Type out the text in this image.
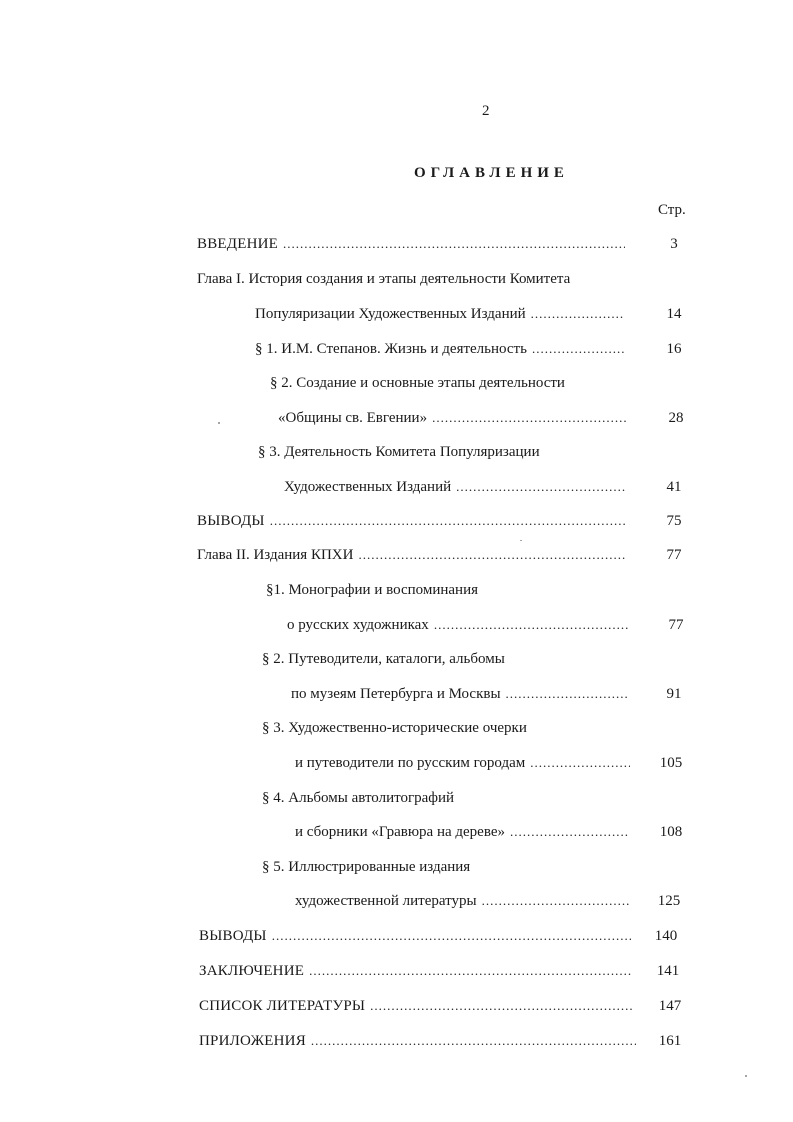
2
ОГЛАВЛЕНИЕ
Стр.
ВВЕДЕНИЕ .....	3
Глава I. История создания и этапы деятельности Комитета
Популяризации Художественных Изданий .....	14
§ 1. И.М. Степанов. Жизнь и деятельность .....	16
§ 2. Создание и основные этапы деятельности
«Общины св. Евгении» .....	28
§ 3. Деятельность Комитета Популяризации
Художественных Изданий .....	41
ВЫВОДЫ .....	75
Глава II. Издания КПХИ .....	77
§1. Монографии и воспоминания
о русских художниках .....	77
§ 2. Путеводители, каталоги, альбомы
по музеям Петербурга и Москвы .....	91
§ 3. Художественно-исторические очерки
и путеводители по русским городам .....	105
§ 4. Альбомы автолитографий
и сборники «Гравюра на дереве» .....	108
§ 5. Иллюстрированные издания
художественной литературы .....	125
ВЫВОДЫ .....	140
ЗАКЛЮЧЕНИЕ .....	141
СПИСОК ЛИТЕРАТУРЫ .....	147
ПРИЛОЖЕНИЯ .....	161
